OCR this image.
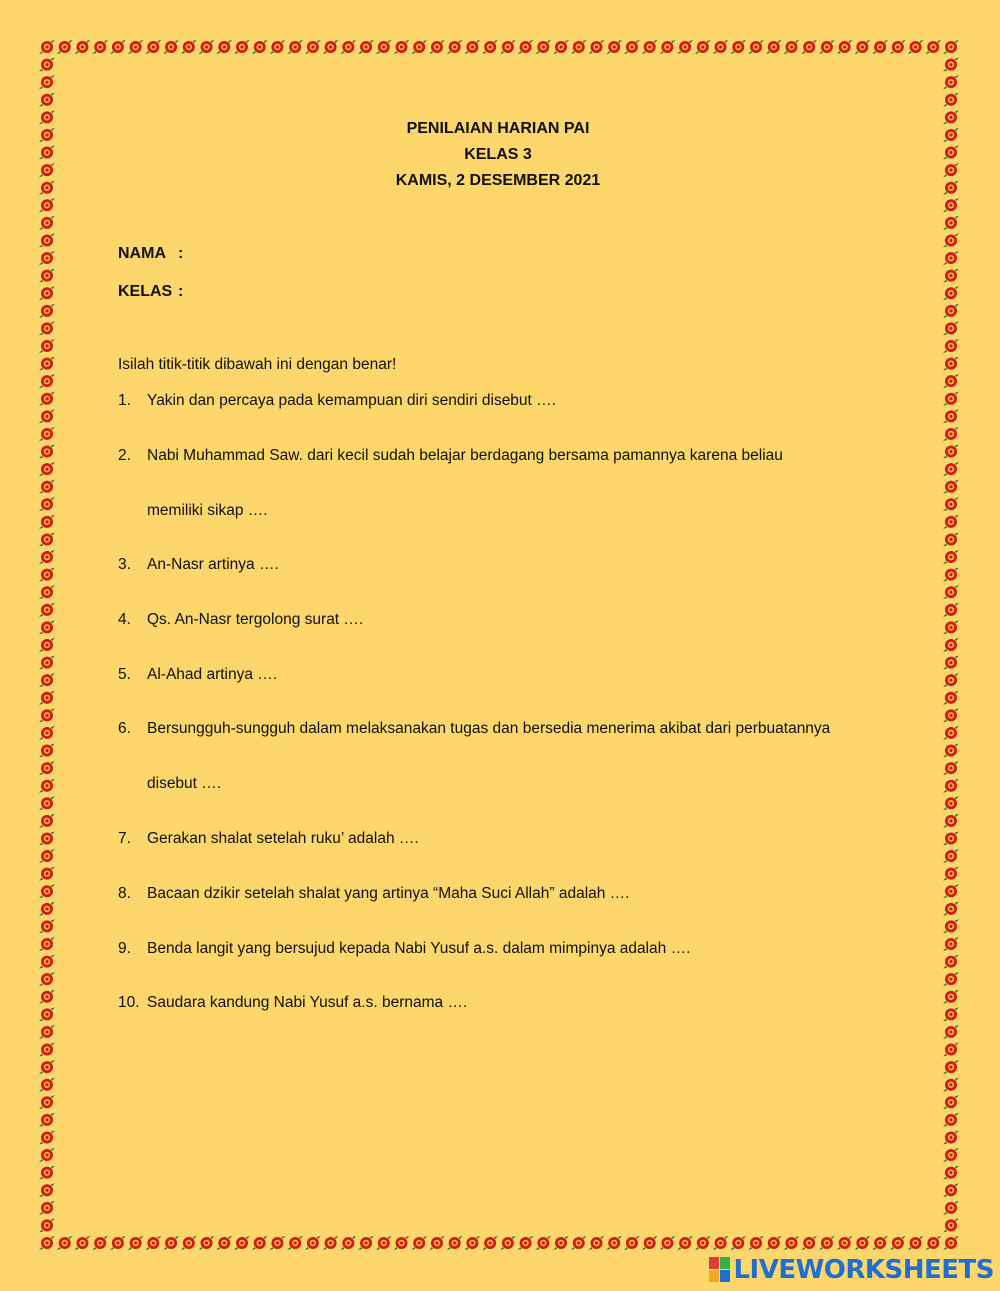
PENILAIAN HARIAN PAI
KELAS 3
KAMIS, 2 DESEMBER 2021
NAMA :
KELAS :
Isilah titik-titik dibawah ini dengan benar!
1. Yakin dan percaya pada kemampuan diri sendiri disebut ….
2. Nabi Muhammad Saw. dari kecil sudah belajar berdagang bersama pamannya karena beliau
memiliki sikap ….
3. An-Nasr artinya ….
4. Qs. An-Nasr tergolong surat ….
5. Al-Ahad artinya ….
6. Bersungguh-sungguh dalam melaksanakan tugas dan bersedia menerima akibat dari perbuatannya
disebut ….
7. Gerakan shalat setelah ruku’ adalah ….
8. Bacaan dzikir setelah shalat yang artinya “Maha Suci Allah” adalah ….
9. Benda langit yang bersujud kepada Nabi Yusuf a.s. dalam mimpinya adalah ….
10. Saudara kandung Nabi Yusuf a.s. bernama ….
LIVEWORKSHEETS
